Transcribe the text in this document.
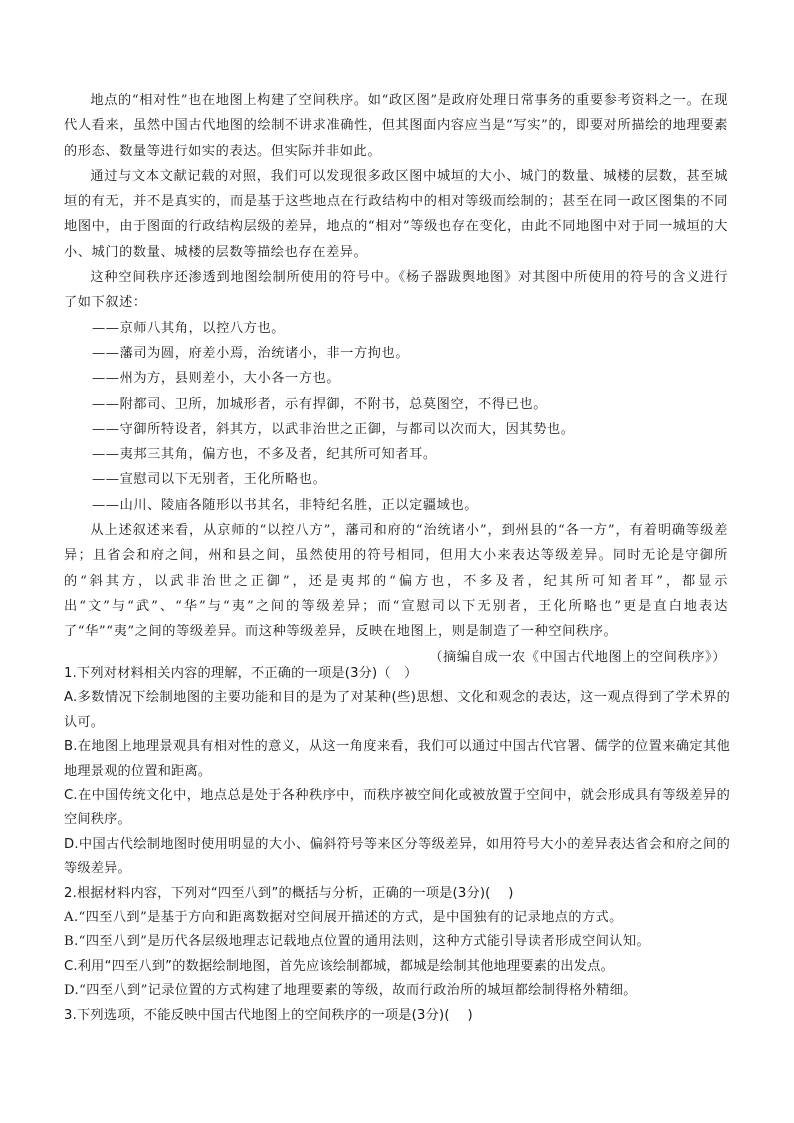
地点的“相对性”也在地图上构建了空间秩序。如“政区图”是政府处理日常事务的重要参考资料之一。在现代人看来，虽然中国古代地图的绘制不讲求准确性，但其图面内容应当是“写实”的，即要对所描绘的地理要素的形态、数量等进行如实的表达。但实际并非如此。

通过与文本文献记载的对照，我们可以发现很多政区图中城垣的大小、城门的数量、城楼的层数，甚至城垣的有无，并不是真实的，而是基于这些地点在行政结构中的相对等级而绘制的；甚至在同一政区图集的不同地图中，由于图面的行政结构层级的差异，地点的“相对”等级也存在变化，由此不同地图中对于同一城垣的大小、城门的数量、城楼的层数等描绘也存在差异。

这种空间秩序还渗透到地图绘制所使用的符号中。《杨子器跋舆地图》对其图中所使用的符号的含义进行了如下叙述：

——京师八其角，以控八方也。

——藩司为圆，府差小焉，治统诸小，非一方拘也。

——州为方，县则差小，大小各一方也。

——附都司、卫所，加城形者，示有捍御，不附书，总莫图空，不得已也。

——守御所特设者，斜其方，以武非治世之正御，与都司以次而大，因其势也。

——夷邦三其角，偏方也，不多及者，纪其所可知者耳。

——宣慰司以下无别者，王化所略也。

——山川、陵庙各随形以书其名，非特纪名胜，正以定疆域也。

从上述叙述来看，从京师的“以控八方”，藩司和府的“治统诸小”，到州县的“各一方”，有着明确等级差异；且省会和府之间，州和县之间，虽然使用的符号相同，但用大小来表达等级差异。同时无论是守御所的“斜其方，以武非治世之正御”，还是夷邦的“偏方也，不多及者，纪其所可知者耳”，都显示出“文”与“武”、“华”与“夷”之间的等级差异；而“宣慰司以下无别者，王化所略也”更是直白地表达了“华”“夷”之间的等级差异。而这种等级差异，反映在地图上，则是制造了一种空间秩序。

（摘编自成一农《中国古代地图上的空间秩序》）

1.下列对材料相关内容的理解，不正确的一项是(3分)（　）

A.多数情况下绘制地图的主要功能和目的是为了对某种(些)思想、文化和观念的表达，这一观点得到了学术界的认可。

B.在地图上地理景观具有相对性的意义，从这一角度来看，我们可以通过中国古代官署、儒学的位置来确定其他地理景观的位置和距离。

C.在中国传统文化中，地点总是处于各种秩序中，而秩序被空间化或被放置于空间中，就会形成具有等级差异的空间秩序。

D.中国古代绘制地图时使用明显的大小、偏斜符号等来区分等级差异，如用符号大小的差异表达省会和府之间的等级差异。

2.根据材料内容，下列对“四至八到”的概括与分析，正确的一项是(3分)(　 )

A.“四至八到”是基于方向和距离数据对空间展开描述的方式，是中国独有的记录地点的方式。

B.“四至八到”是历代各层级地理志记载地点位置的通用法则，这种方式能引导读者形成空间认知。

C.利用“四至八到”的数据绘制地图，首先应该绘制都城，都城是绘制其他地理要素的出发点。

D.“四至八到”记录位置的方式构建了地理要素的等级，故而行政治所的城垣都绘制得格外精细。

3.下列选项，不能反映中国古代地图上的空间秩序的一项是(3分)(　 )
